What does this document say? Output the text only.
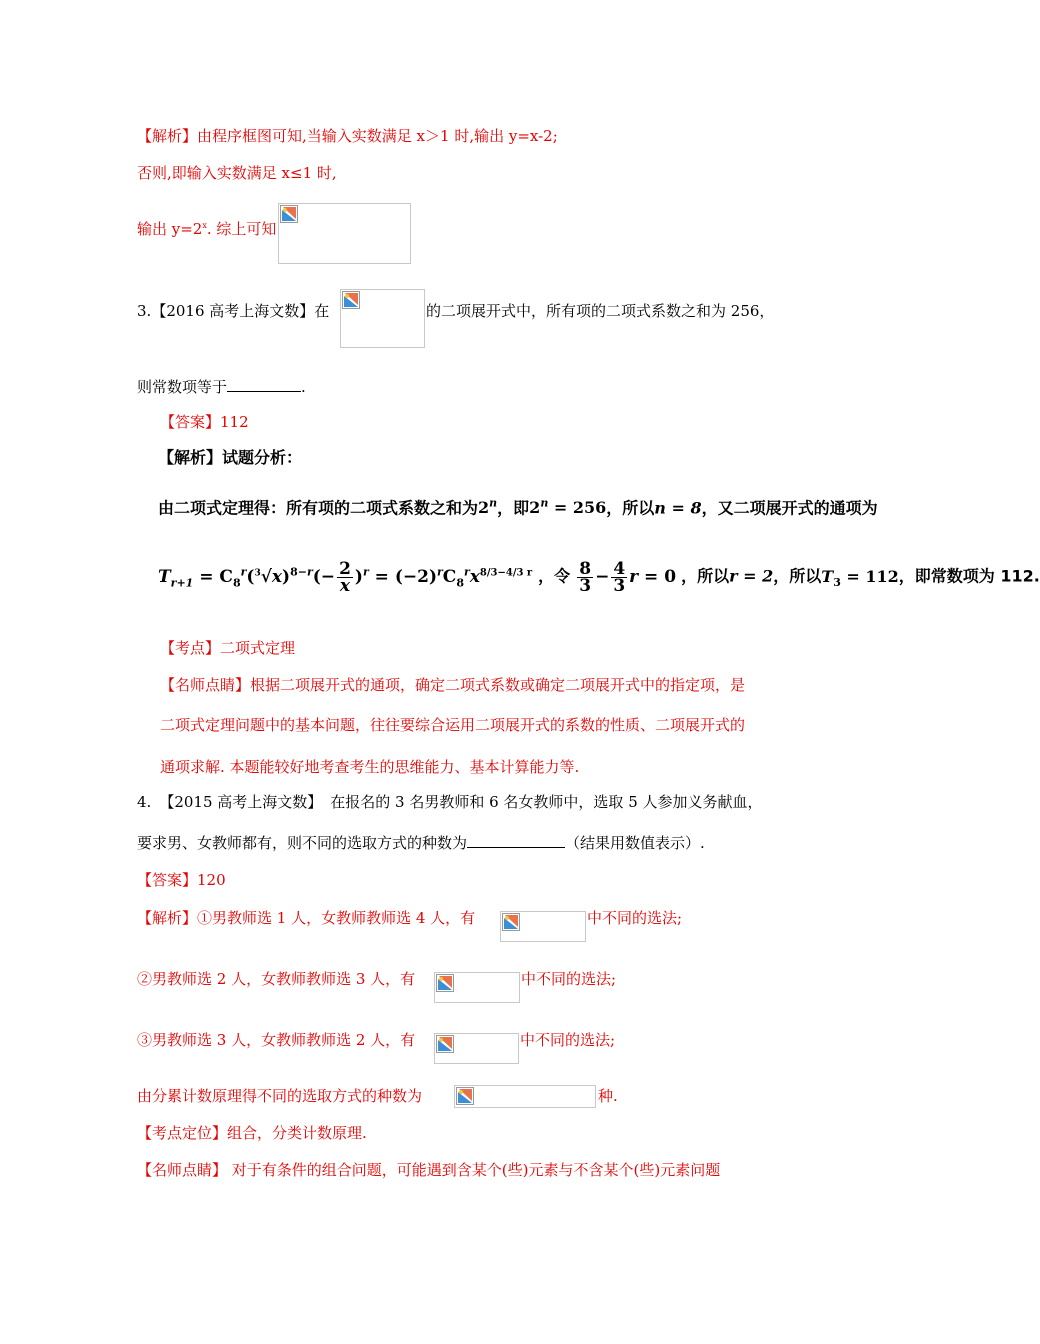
【解析】由程序框图可知,当输入实数满足 x＞1 时,输出 y=x-2;
否则,即输入实数满足 x≤1 时,
输出 $y=2^x$. 综上可知
3.【2016 高考上海文数】在	的二项展开式中，所有项的二项式系数之和为 256，
则常数项等于	.
【答案】112
【解析】试题分析：
由二项式定理得：所有项的二项式系数之和为2$^n$，即$2^n = 256$，所以n = 8，又二项展开式的通项为
$T_{r+1} = C_8^r(^3√x)^{8-r}(- \frac{2}{x} )^r = (-2)^rC_8^rx^{8/3-4/3 r}$ ，令 $\frac{8}{3} - \frac{4}{3}$ r = 0 ，所以r = 2，所以$T_3 = 112$，即常数项为 112.
【考点】二项式定理
【名师点睛】根据二项展开式的通项，确定二项式系数或确定二项展开式中的指定项，是
二项式定理问题中的基本问题，往往要综合运用二项展开式的系数的性质、二项展开式的
通项求解. 本题能较好地考查考生的思维能力、基本计算能力等.
4. 【2015 高考上海文数】 在报名的 3 名男教师和 6 名女教师中，选取 5 人参加义务献血，
要求男、女教师都有，则不同的选取方式的种数为	（结果用数值表示）.
【答案】120
【解析】①男教师选 1 人，女教师教师选 4 人，有	中不同的选法;
②男教师选 2 人，女教师教师选 3 人，有	中不同的选法;
③男教师选 3 人，女教师教师选 2 人，有	中不同的选法;
由分累计数原理得不同的选取方式的种数为	种.
【考点定位】组合，分类计数原理.
【名师点睛】 对于有条件的组合问题，可能遇到含某个(些)元素与不含某个(些)元素问题
